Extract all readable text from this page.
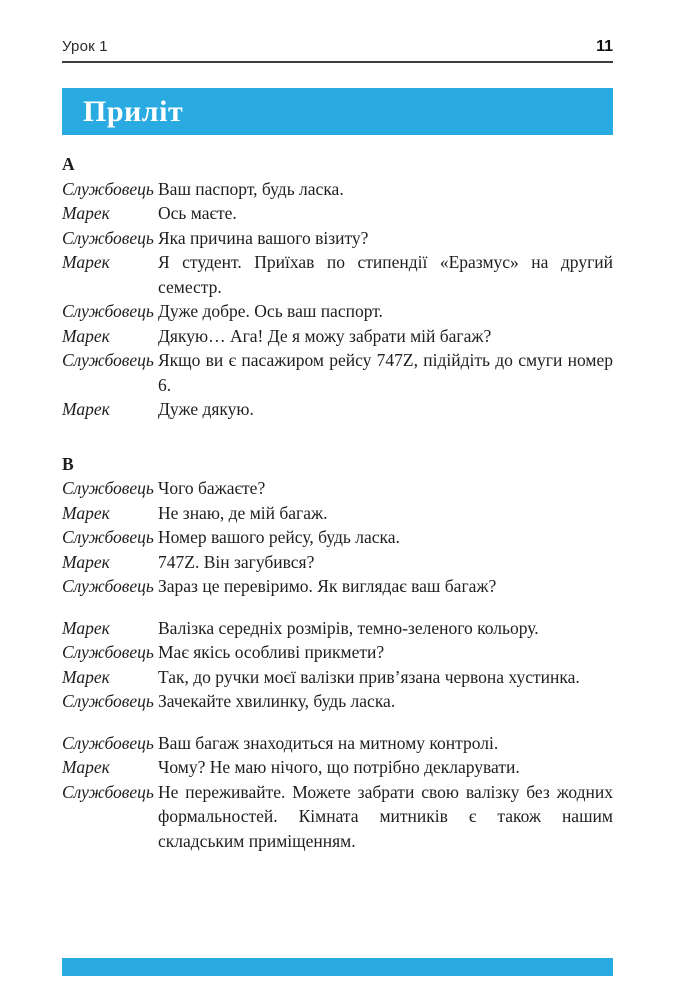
Урок 1	11
Приліт
А
Службовець Ваш паспорт, будь ласка.
Марек	Ось маєте.
Службовець Яка причина вашого візиту?
Марек	Я студент. Приїхав по стипендії «Еразмус» на другий семестр.
Службовець Дуже добре. Ось ваш паспорт.
Марек	Дякую… Ага! Де я можу забрати мій багаж?
Службовець Якщо ви є пасажиром рейсу 747Z, підійдіть до смуги номер 6.
Марек	Дуже дякую.
В
Службовець Чого бажаєте?
Марек	Не знаю, де мій багаж.
Службовець Номер вашого рейсу, будь ласка.
Марек	747Z. Він загубився?
Службовець Зараз це перевіримо. Як виглядає ваш багаж?
Марек	Валізка середніх розмірів, темно-зеленого кольору.
Службовець Має якісь особливі прикмети?
Марек	Так, до ручки моєї валізки прив’язана червона хустинка.
Службовець Зачекайте хвилинку, будь ласка.
Службовець Ваш багаж знаходиться на митному контролі.
Марек	Чому? Не маю нічого, що потрібно декларувати.
Службовець Не переживайте. Можете забрати свою валізку без жодних формальностей. Кімната митників є також нашим складським приміщенням.
